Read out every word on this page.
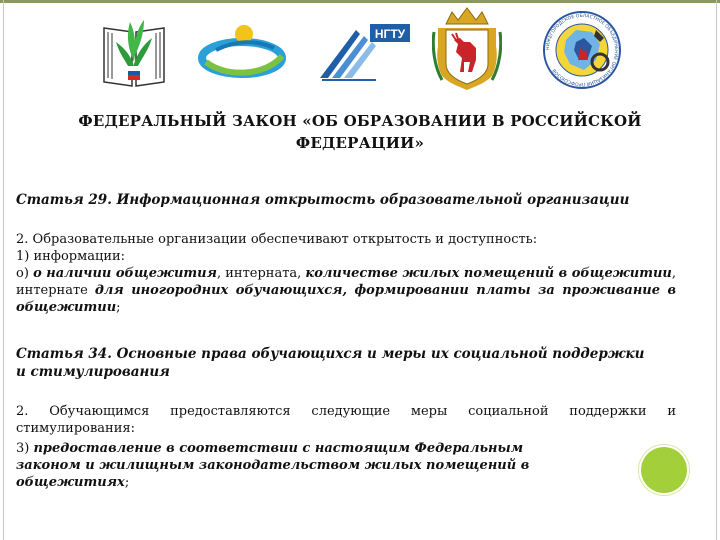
НГТУ
НИЖЕГОРОДСКОЕ ОБЛАСТНОЕ ОБЪЕДИНЕНИЕ ОРГАНИЗАЦИЙ ПРОФСОЮЗОВ
ФЕДЕРАЛЬНЫЙ ЗАКОН «ОБ ОБРАЗОВАНИИ В РОССИЙСКОЙ
ФЕДЕРАЦИИ»
Статья 29. Информационная открытость образовательной организации
2. Образовательные организации обеспечивают открытость и доступность:
1) информации:
о) о наличии общежития, интерната, количестве жилых помещений в общежитии, интернате для иногородних обучающихся, формировании платы за проживание в общежитии;
Статья 34. Основные права обучающихся и меры их социальной поддержки
и стимулирования
2. Обучающимся предоставляются следующие меры социальной поддержки и стимулирования:
3) предоставление в соответствии с настоящим Федеральным
законом и жилищным законодательством жилых помещений в
общежитиях;
